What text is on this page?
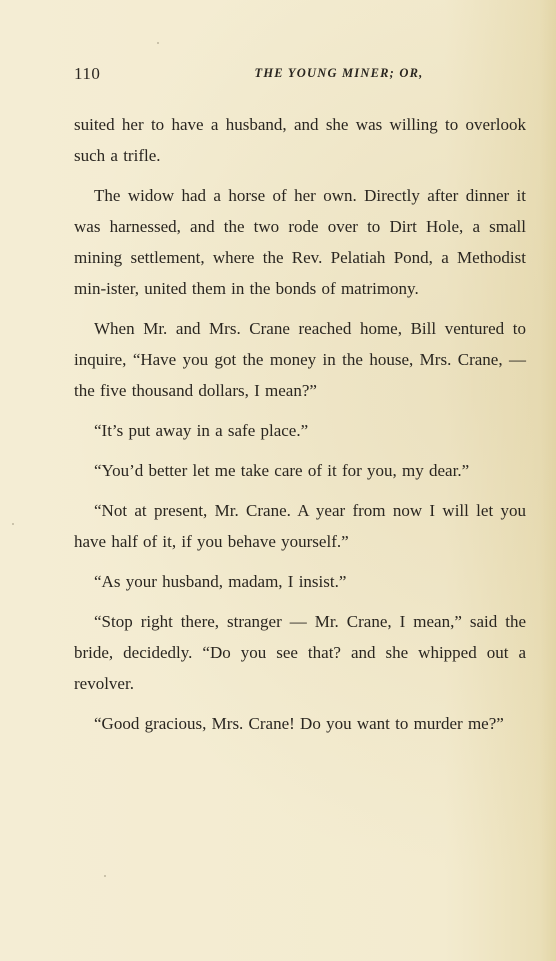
110	THE YOUNG MINER; OR,

suited her to have a husband, and she was willing to overlook such a trifle.

The widow had a horse of her own. Directly after dinner it was harnessed, and the two rode over to Dirt Hole, a small mining settlement, where the Rev. Pelatiah Pond, a Methodist min-ister, united them in the bonds of matrimony.

When Mr. and Mrs. Crane reached home, Bill ventured to inquire, “Have you got the money in the house, Mrs. Crane, — the five thousand dollars, I mean?”

“It’s put away in a safe place.”

“You’d better let me take care of it for you, my dear.”

“Not at present, Mr. Crane. A year from now I will let you have half of it, if you behave yourself.”

“As your husband, madam, I insist.”

“Stop right there, stranger — Mr. Crane, I mean,” said the bride, decidedly. “Do you see that? and she whipped out a revolver.

“Good gracious, Mrs. Crane! Do you want to murder me?”
